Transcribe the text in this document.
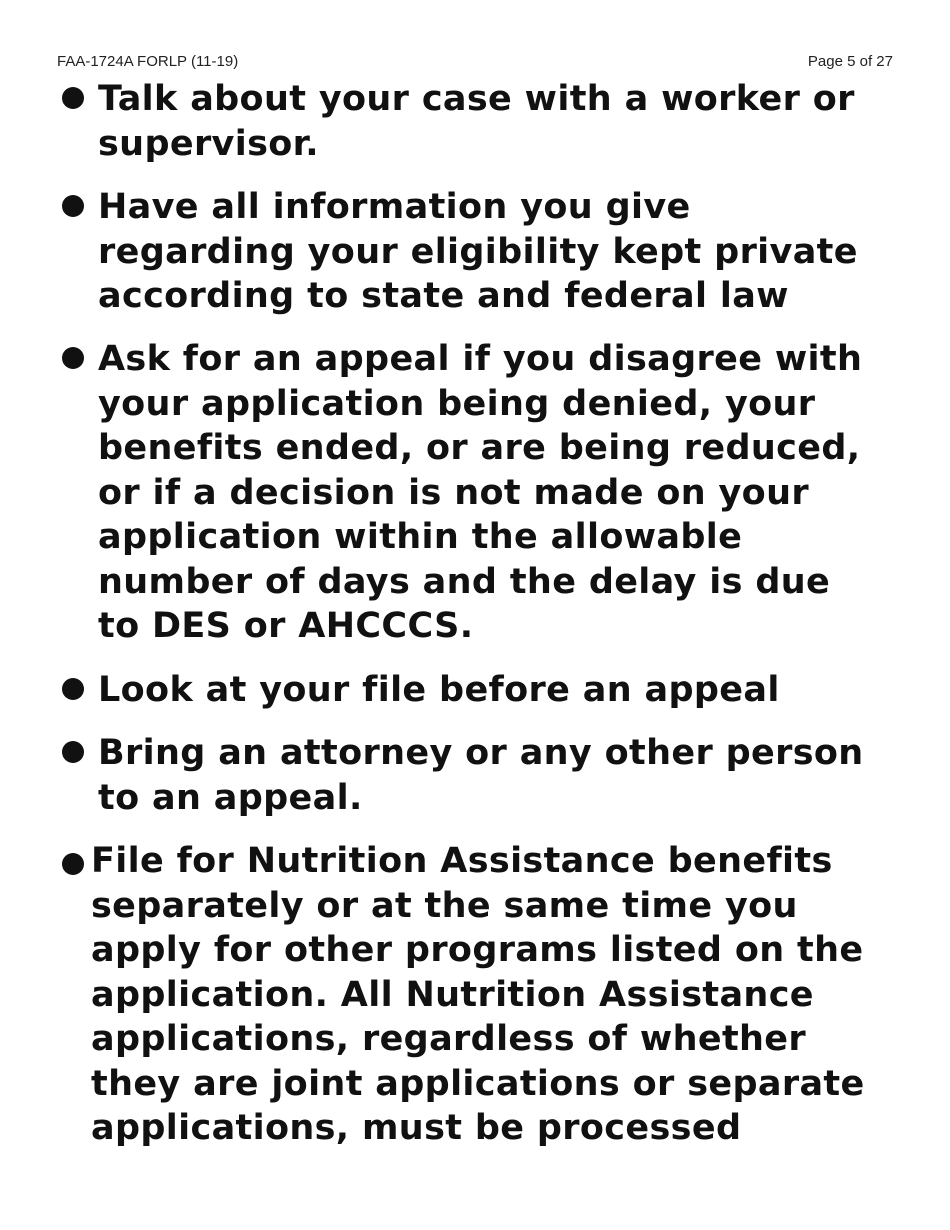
FAA-1724A FORLP (11-19)	Page 5 of 27
Talk about your case with a worker or
supervisor.
Have all information you give
regarding your eligibility kept private
according to state and federal law
Ask for an appeal if you disagree with
your application being denied, your
benefits ended, or are being reduced,
or if a decision is not made on your
application within the allowable
number of days and the delay is due
to DES or AHCCCS.
Look at your file before an appeal
Bring an attorney or any other person
to an appeal.
File for Nutrition Assistance benefits
separately or at the same time you
apply for other programs listed on the
application. All Nutrition Assistance
applications, regardless of whether
they are joint applications or separate
applications, must be processed
